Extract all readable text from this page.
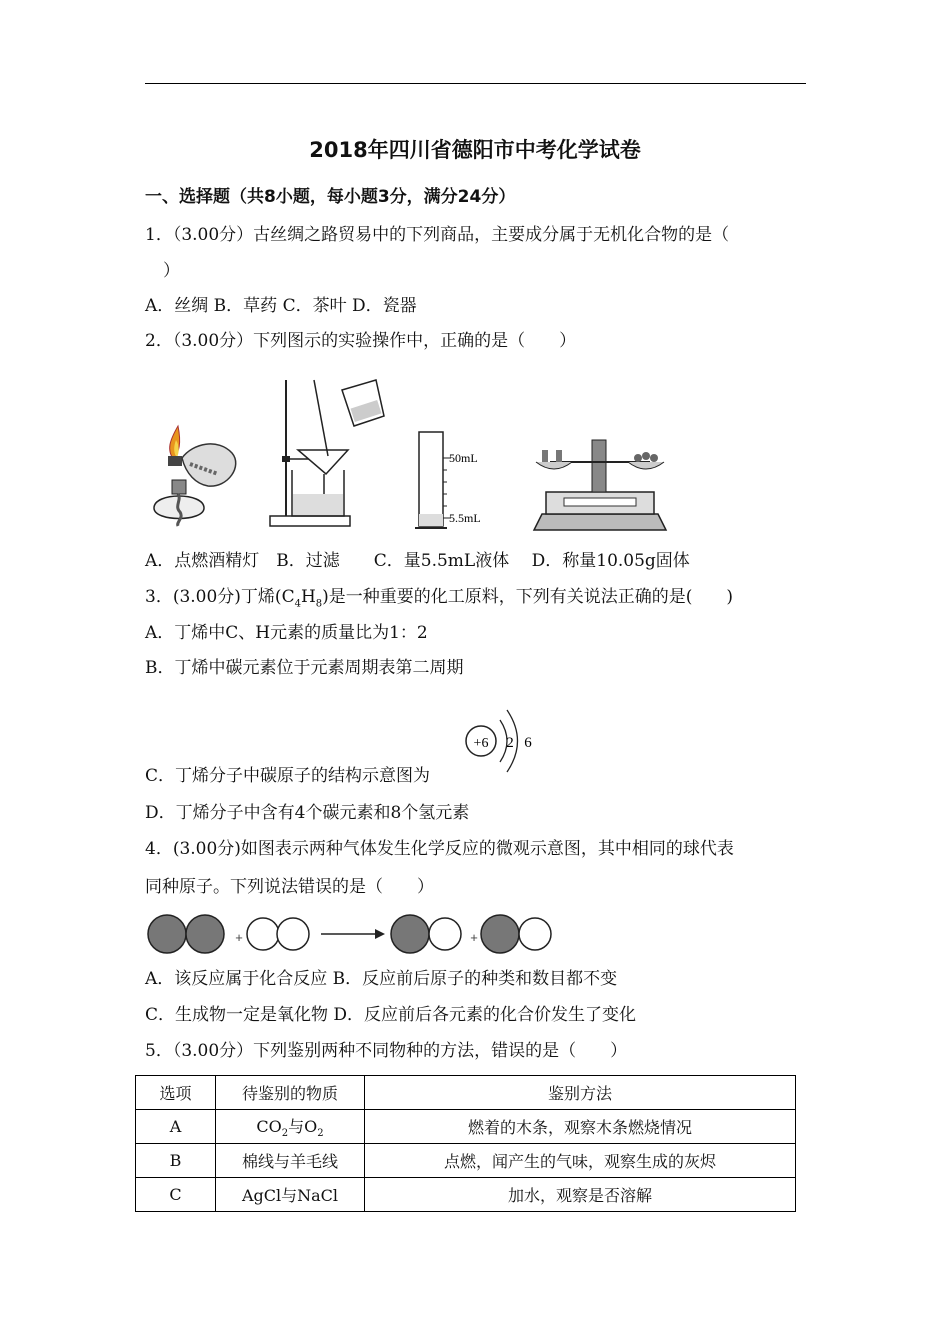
2018年四川省德阳市中考化学试卷
一、选择题（共8小题，每小题3分，满分24分）
1．（3.00分）古丝绸之路贸易中的下列商品，主要成分属于无机化合物的是（
）
A．丝绸 B．草药 C．茶叶 D．瓷器
2．（3.00分）下列图示的实验操作中，正确的是（　　）
50mL
5.5mL
A．点燃酒精灯　B．过滤　　C．量5.5mL液体　 D．称量10.05g固体
3．(3.00分)丁烯$(C_4H_8)$是一种重要的化工原料，下列有关说法正确的是(　　)
A．丁烯中C、H元素的质量比为1：2
B．丁烯中碳元素位于元素周期表第二周期
+6 2 6
C．丁烯分子中碳原子的结构示意图为
D．丁烯分子中含有4个碳元素和8个氢元素
4．(3.00分)如图表示两种气体发生化学反应的微观示意图，其中相同的球代表
同种原子。下列说法错误的是（　　）
+	+
A．该反应属于化合反应 B．反应前后原子的种类和数目都不变
C．生成物一定是氧化物 D．反应前后各元素的化合价发生了变化
5．（3.00分）下列鉴别两种不同物种的方法，错误的是（　　）
选项	待鉴别的物质	鉴别方法
A	$CO_2$与$O_2$	燃着的木条，观察木条燃烧情况
B	棉线与羊毛线	点燃，闻产生的气味，观察生成的灰烬
C	AgCl与NaCl	加水，观察是否溶解
